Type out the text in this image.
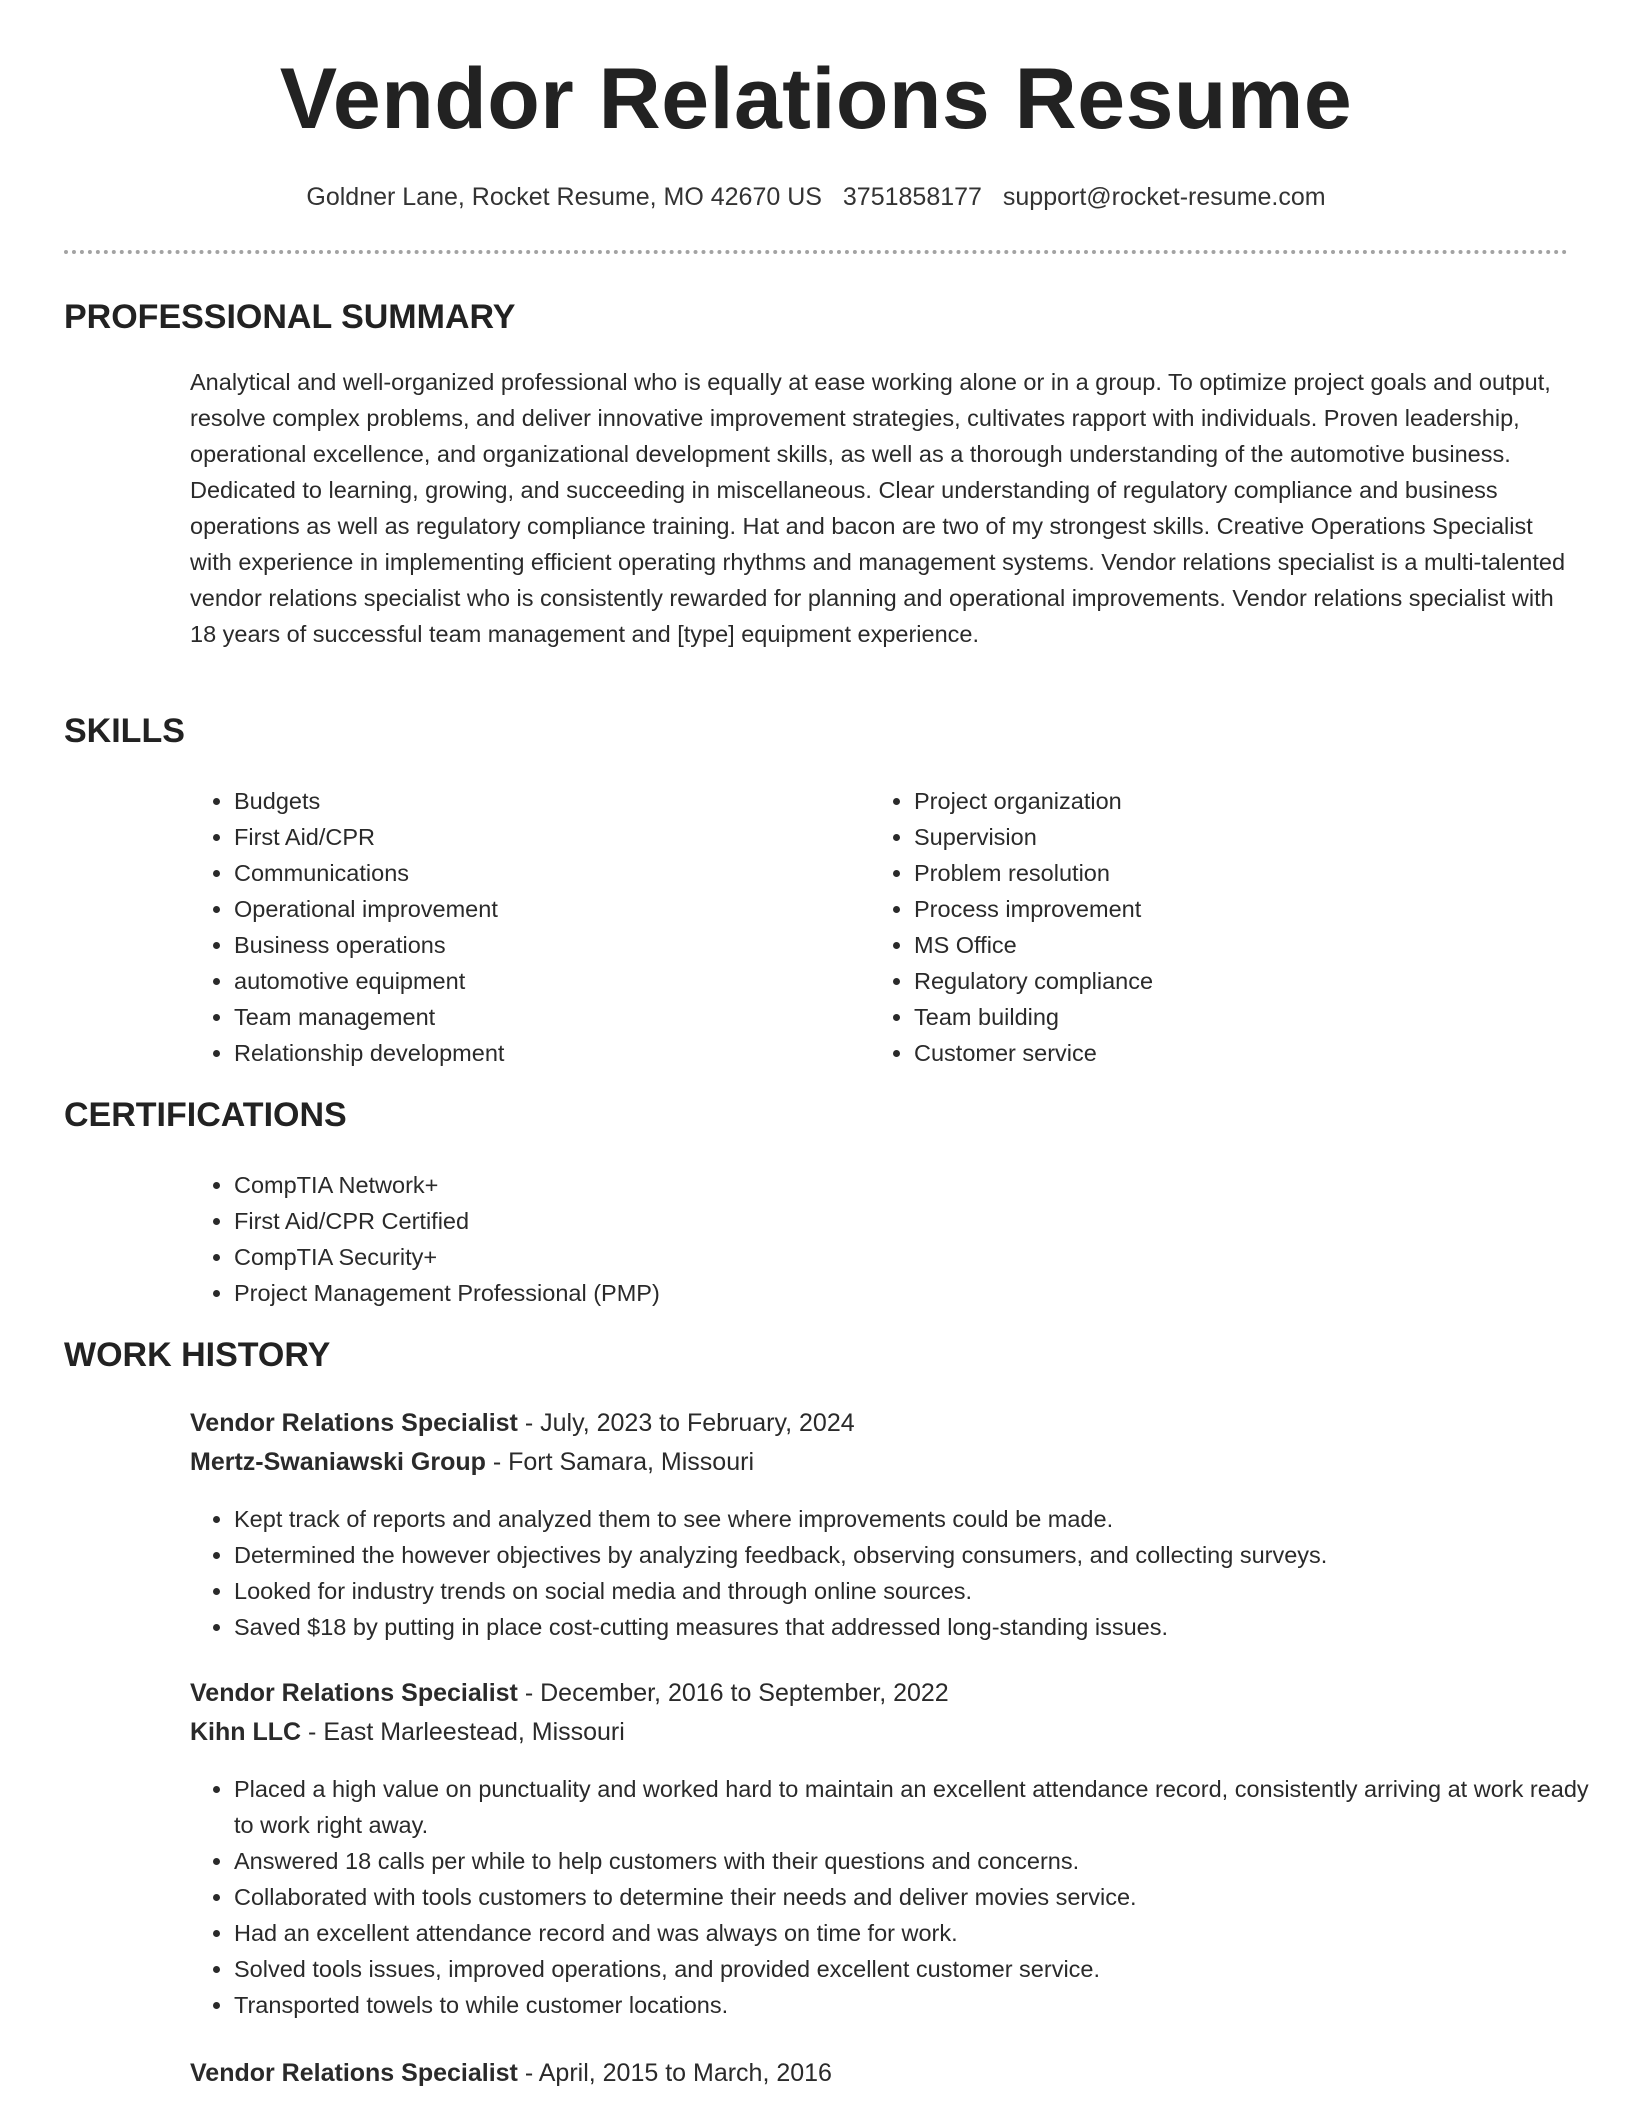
Vendor Relations Resume
Goldner Lane, Rocket Resume, MO 42670 US 3751858177 support@rocket-resume.com
PROFESSIONAL SUMMARY

Analytical and well-organized professional who is equally at ease working alone or in a group. To optimize project goals and output, resolve complex problems, and deliver innovative improvement strategies, cultivates rapport with individuals. Proven leadership, operational excellence, and organizational development skills, as well as a thorough understanding of the automotive business. Dedicated to learning, growing, and succeeding in miscellaneous. Clear understanding of regulatory compliance and business operations as well as regulatory compliance training. Hat and bacon are two of my strongest skills. Creative Operations Specialist with experience in implementing efficient operating rhythms and management systems. Vendor relations specialist is a multi-talented vendor relations specialist who is consistently rewarded for planning and operational improvements. Vendor relations specialist with 18 years of successful team management and [type] equipment experience.

SKILLS
• Budgets
• First Aid/CPR
• Communications
• Operational improvement
• Business operations
• automotive equipment
• Team management
• Relationship development
• Project organization
• Supervision
• Problem resolution
• Process improvement
• MS Office
• Regulatory compliance
• Team building
• Customer service
CERTIFICATIONS
• CompTIA Network+
• First Aid/CPR Certified
• CompTIA Security+
• Project Management Professional (PMP)
WORK HISTORY
Vendor Relations Specialist - July, 2023 to February, 2024
Mertz-Swaniawski Group - Fort Samara, Missouri
• Kept track of reports and analyzed them to see where improvements could be made.
• Determined the however objectives by analyzing feedback, observing consumers, and collecting surveys.
• Looked for industry trends on social media and through online sources.
• Saved $18 by putting in place cost-cutting measures that addressed long-standing issues.
Vendor Relations Specialist - December, 2016 to September, 2022
Kihn LLC - East Marleestead, Missouri
• Placed a high value on punctuality and worked hard to maintain an excellent attendance record, consistently arriving at work ready to work right away.
• Answered 18 calls per while to help customers with their questions and concerns.
• Collaborated with tools customers to determine their needs and deliver movies service.
• Had an excellent attendance record and was always on time for work.
• Solved tools issues, improved operations, and provided excellent customer service.
• Transported towels to while customer locations.
Vendor Relations Specialist - April, 2015 to March, 2016
